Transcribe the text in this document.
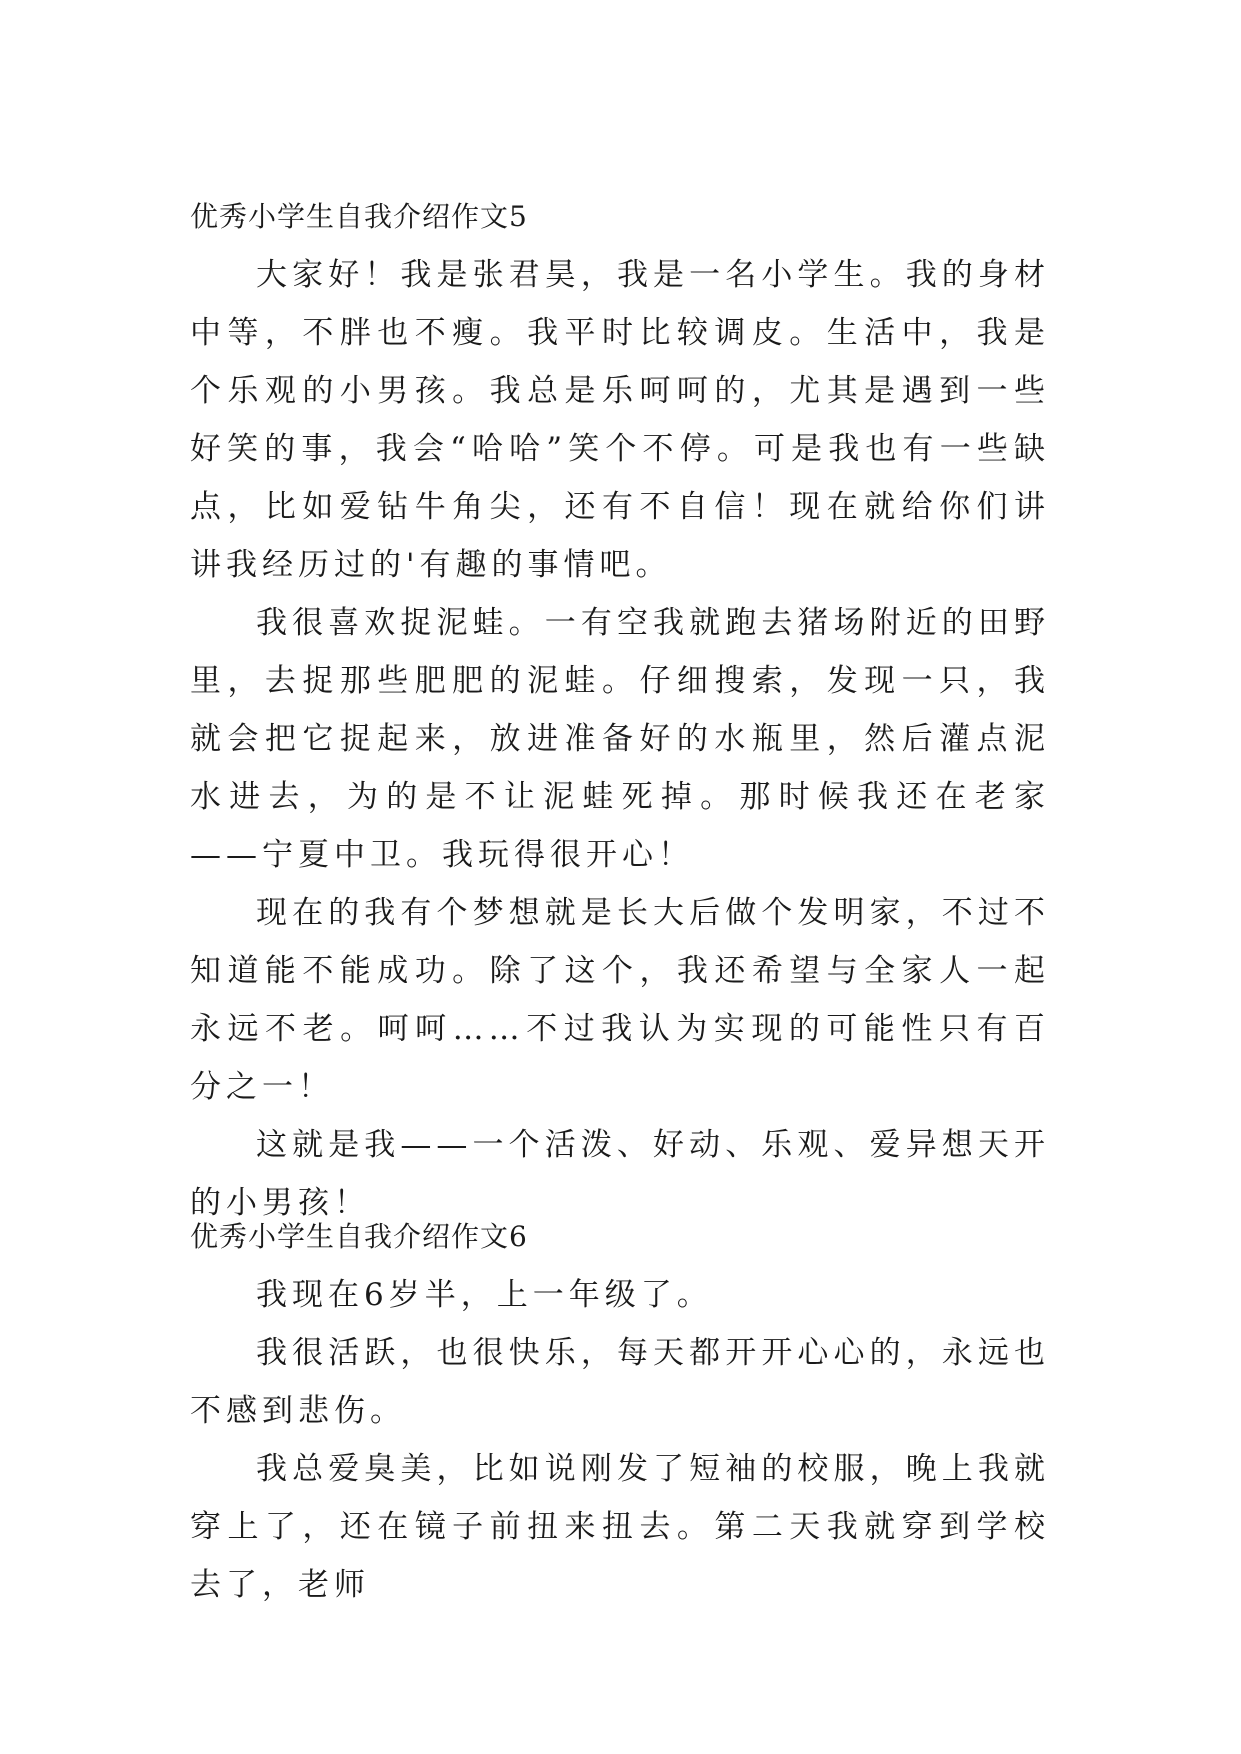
优秀小学生自我介绍作文5

大家好！我是张君昊，我是一名小学生。我的身材中等，不胖也不瘦。我平时比较调皮。生活中，我是个乐观的小男孩。我总是乐呵呵的，尤其是遇到一些好笑的事，我会“哈哈”笑个不停。可是我也有一些缺点，比如爱钻牛角尖，还有不自信！现在就给你们讲讲我经历过的'有趣的事情吧。

我很喜欢捉泥蛙。一有空我就跑去猪场附近的田野里，去捉那些肥肥的泥蛙。仔细搜索，发现一只，我就会把它捉起来，放进准备好的水瓶里，然后灌点泥水进去，为的是不让泥蛙死掉。那时候我还在老家——宁夏中卫。我玩得很开心！

现在的我有个梦想就是长大后做个发明家，不过不知道能不能成功。除了这个，我还希望与全家人一起永远不老。呵呵……不过我认为实现的可能性只有百分之一！

这就是我——一个活泼、好动、乐观、爱异想天开的小男孩！

优秀小学生自我介绍作文6

我现在6岁半，上一年级了。

我很活跃，也很快乐，每天都开开心心的，永远也不感到悲伤。

我总爱臭美，比如说刚发了短袖的校服，晚上我就穿上了，还在镜子前扭来扭去。第二天我就穿到学校去了，老师
